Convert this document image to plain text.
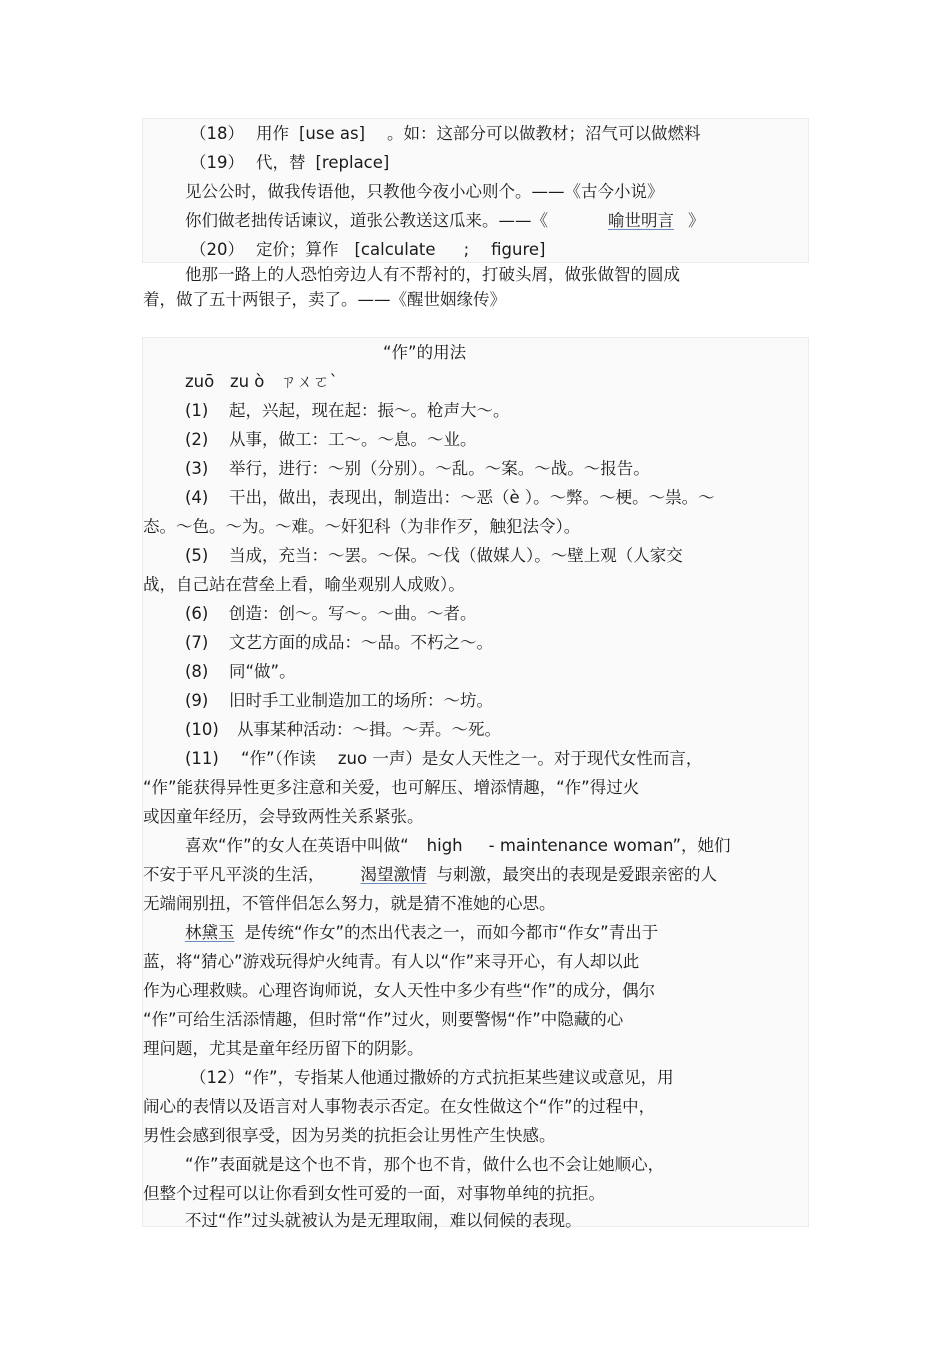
（18） 用作 [use as] 。如：这部分可以做教材；沼气可以做燃料
（19） 代，替 [replace]
见公公时，做我传语他，只教他今夜小心则个。——《古今小说》
你们做老拙传话谏议，道张公教送这瓜来。——《	喻世明言 》
（20） 定价；算作 [calculate ; figure]
他那一路上的人恐怕旁边人有不帮衬的，打破头屑，做张做智的圆成
着，做了五十两银子，卖了。——《醒世姻缘传》
“作”的用法
zuō   zu ò   ㄗㄨㄛˋ
(1) 起，兴起，现在起：振～。枪声大～。
(2) 从事，做工：工～。～息。～业。
(3) 举行，进行：～别（分别）。～乱。～案。～战。～报告。
(4) 干出，做出，表现出，制造出：～恶（è ）。～弊。～梗。～祟。～
态。～色。～为。～难。～奸犯科（为非作歹，触犯法令）。
(5) 当成，充当：～罢。～保。～伐（做媒人）。～壁上观（人家交
战，自己站在营垒上看，喻坐观别人成败）。
(6) 创造：创～。写～。～曲。～者。
(7) 文艺方面的成品：～品。不朽之～。
(8) 同“做”。
(9) 旧时手工业制造加工的场所：～坊。
(10) 从事某种活动：～揖。～弄。～死。
(11) “作”（作读 zuo 一声）是女人天性之一。对于现代女性而言，
“作”能获得异性更多注意和关爱，也可解压、增添情趣，“作”得过火
或因童年经历，会导致两性关系紧张。
喜欢“作”的女人在英语中叫做“ high - maintenance woman”，她们
不安于平凡平淡的生活， 渴望激情 与刺激，最突出的表现是爱跟亲密的人
无端闹别扭，不管伴侣怎么努力，就是猜不准她的心思。
林黛玉 是传统“作女”的杰出代表之一，而如今都市“作女”青出于
蓝，将“猜心”游戏玩得炉火纯青。有人以“作”来寻开心，有人却以此
作为心理救赎。心理咨询师说，女人天性中多少有些“作”的成分，偶尔
“作”可给生活添情趣，但时常“作”过火，则要警惕“作”中隐藏的心
理问题，尤其是童年经历留下的阴影。
（12）“作”，专指某人他通过撒娇的方式抗拒某些建议或意见，用
闹心的表情以及语言对人事物表示否定。在女性做这个“作”的过程中，
男性会感到很享受，因为另类的抗拒会让男性产生快感。
“作”表面就是这个也不肯，那个也不肯，做什么也不会让她顺心，
但整个过程可以让你看到女性可爱的一面，对事物单纯的抗拒。
不过“作”过头就被认为是无理取闹，难以伺候的表现。
